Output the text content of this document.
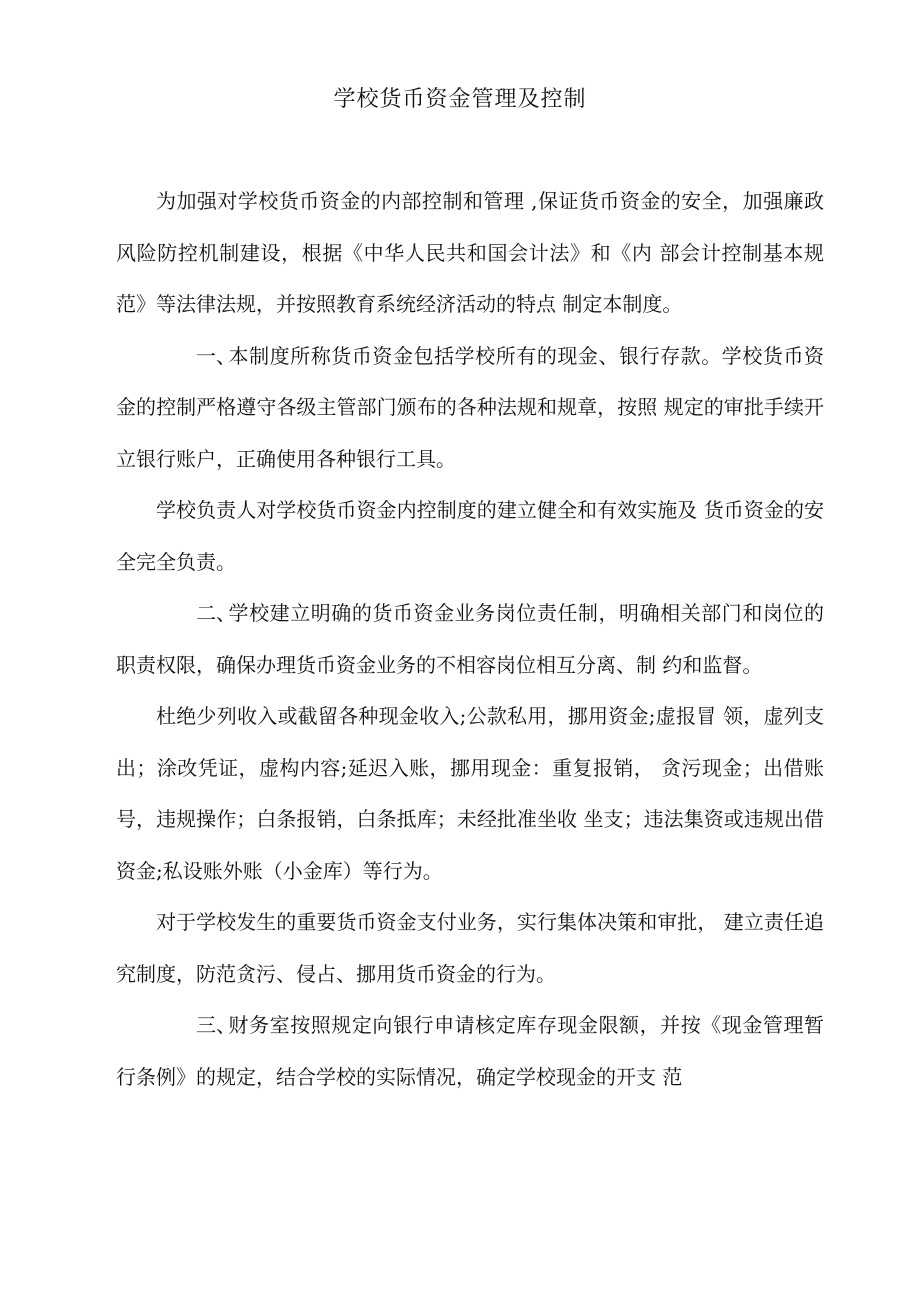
学校货币资金管理及控制

为加强对学校货币资金的内部控制和管理 ,保证货币资金的安全，加强廉政风险防控机制建设，根据《中华人民共和国会计法》和《内 部会计控制基本规范》等法律法规，并按照教育系统经济活动的特点 制定本制度。

一、本制度所称货币资金包括学校所有的现金、银行存款。学校货币资金的控制严格遵守各级主管部门颁布的各种法规和规章，按照 规定的审批手续开立银行账户，正确使用各种银行工具。

学校负责人对学校货币资金内控制度的建立健全和有效实施及 货币资金的安全完全负责。

二、学校建立明确的货币资金业务岗位责任制，明确相关部门和岗位的职责权限，确保办理货币资金业务的不相容岗位相互分离、制 约和监督。

杜绝少列收入或截留各种现金收入;公款私用，挪用资金;虚报冒 领，虚列支出；涂改凭证，虚构内容;延迟入账，挪用现金：重复报销， 贪污现金；出借账号，违规操作；白条报销，白条抵库；未经批准坐收 坐支；违法集资或违规出借资金;私设账外账（小金库）等行为。

对于学校发生的重要货币资金支付业务，实行集体决策和审批， 建立责任追究制度，防范贪污、侵占、挪用货币资金的行为。

三、财务室按照规定向银行申请核定库存现金限额，并按《现金管理暂行条例》的规定，结合学校的实际情况，确定学校现金的开支 范
